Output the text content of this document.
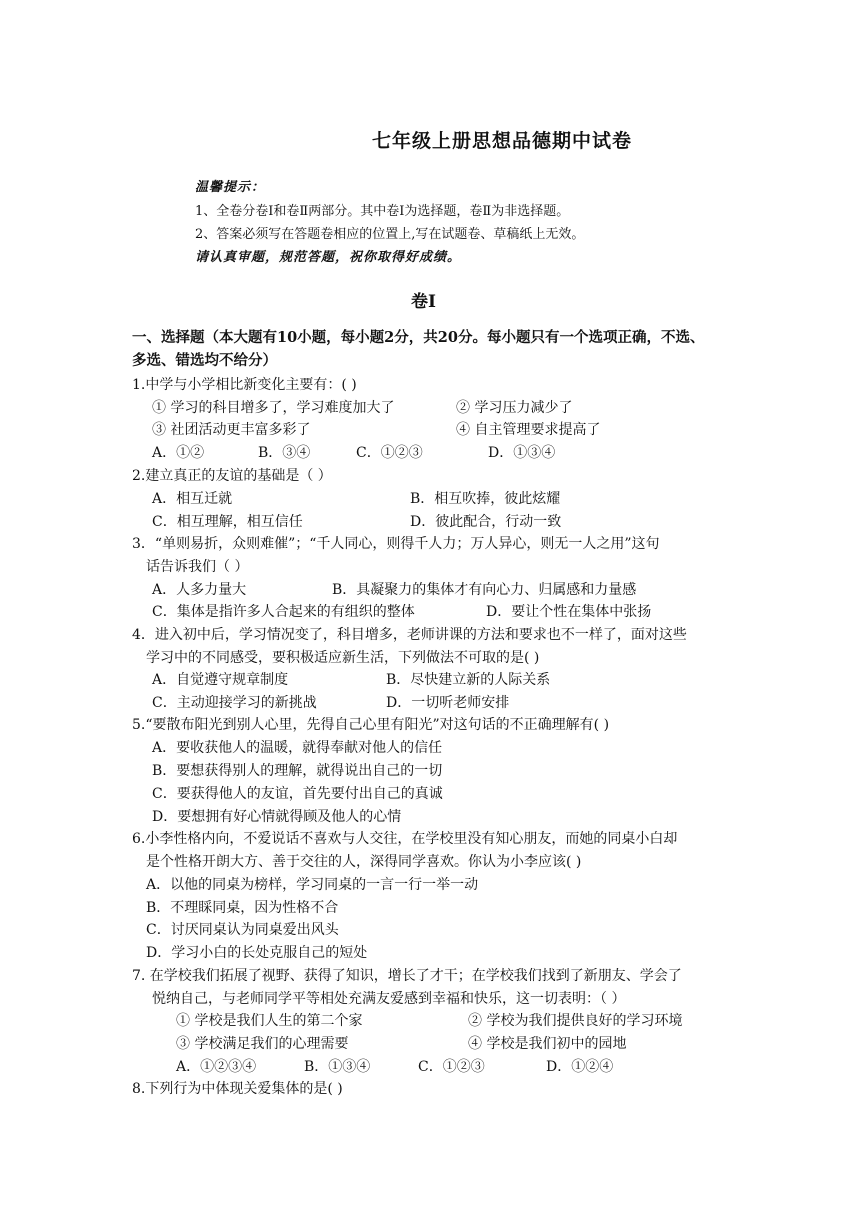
七年级上册思想品德期中试卷
温馨提示：
1、全卷分卷Ⅰ和卷Ⅱ两部分。其中卷Ⅰ为选择题，卷Ⅱ为非选择题。
2、答案必须写在答题卷相应的位置上,写在试题卷、草稿纸上无效。
请认真审题，规范答题，祝你取得好成绩。
卷Ⅰ
一、选择题（本大题有10小题，每小题2分，共20分。每小题只有一个选项正确，不选、
多选、错选均不给分）
1.中学与小学相比新变化主要有：( )
① 学习的科目增多了，学习难度加大了	② 学习压力减少了
③ 社团活动更丰富多彩了	④ 自主管理要求提高了
A．①②	B．③④	C．①②③	D．①③④
2.建立真正的友谊的基础是（ ）
A．相互迁就	B．相互吹捧，彼此炫耀
C．相互理解，相互信任	D．彼此配合，行动一致
3．“单则易折，众则难催”；“千人同心，则得千人力；万人异心，则无一人之用”这句
话告诉我们（ ）
A．人多力量大	B．具凝聚力的集体才有向心力、归属感和力量感
C．集体是指许多人合起来的有组织的整体	D．要让个性在集体中张扬
4．进入初中后，学习情况变了，科目增多，老师讲课的方法和要求也不一样了，面对这些
学习中的不同感受，要积极适应新生活，下列做法不可取的是( )
A．自觉遵守规章制度	B．尽快建立新的人际关系
C．主动迎接学习的新挑战	D．一切听老师安排
5.“要散布阳光到别人心里，先得自己心里有阳光”对这句话的不正确理解有( )
A．要收获他人的温暖，就得奉献对他人的信任
B．要想获得别人的理解，就得说出自己的一切
C．要获得他人的友谊，首先要付出自己的真诚
D．要想拥有好心情就得顾及他人的心情
6.小李性格内向，不爱说话不喜欢与人交往，在学校里没有知心朋友，而她的同桌小白却
是个性格开朗大方、善于交往的人，深得同学喜欢。你认为小李应该( )
A．以他的同桌为榜样，学习同桌的一言一行一举一动
B．不理睬同桌，因为性格不合
C．讨厌同桌认为同桌爱出风头
D．学习小白的长处克服自己的短处
7. 在学校我们拓展了视野、获得了知识，增长了才干；在学校我们找到了新朋友、学会了
悦纳自己，与老师同学平等相处充满友爱感到幸福和快乐，这一切表明：（ ）
① 学校是我们人生的第二个家	② 学校为我们提供良好的学习环境
③ 学校满足我们的心理需要	④ 学校是我们初中的园地
A．①②③④	B．①③④	C．①②③	D．①②④
8.下列行为中体现关爱集体的是( )
